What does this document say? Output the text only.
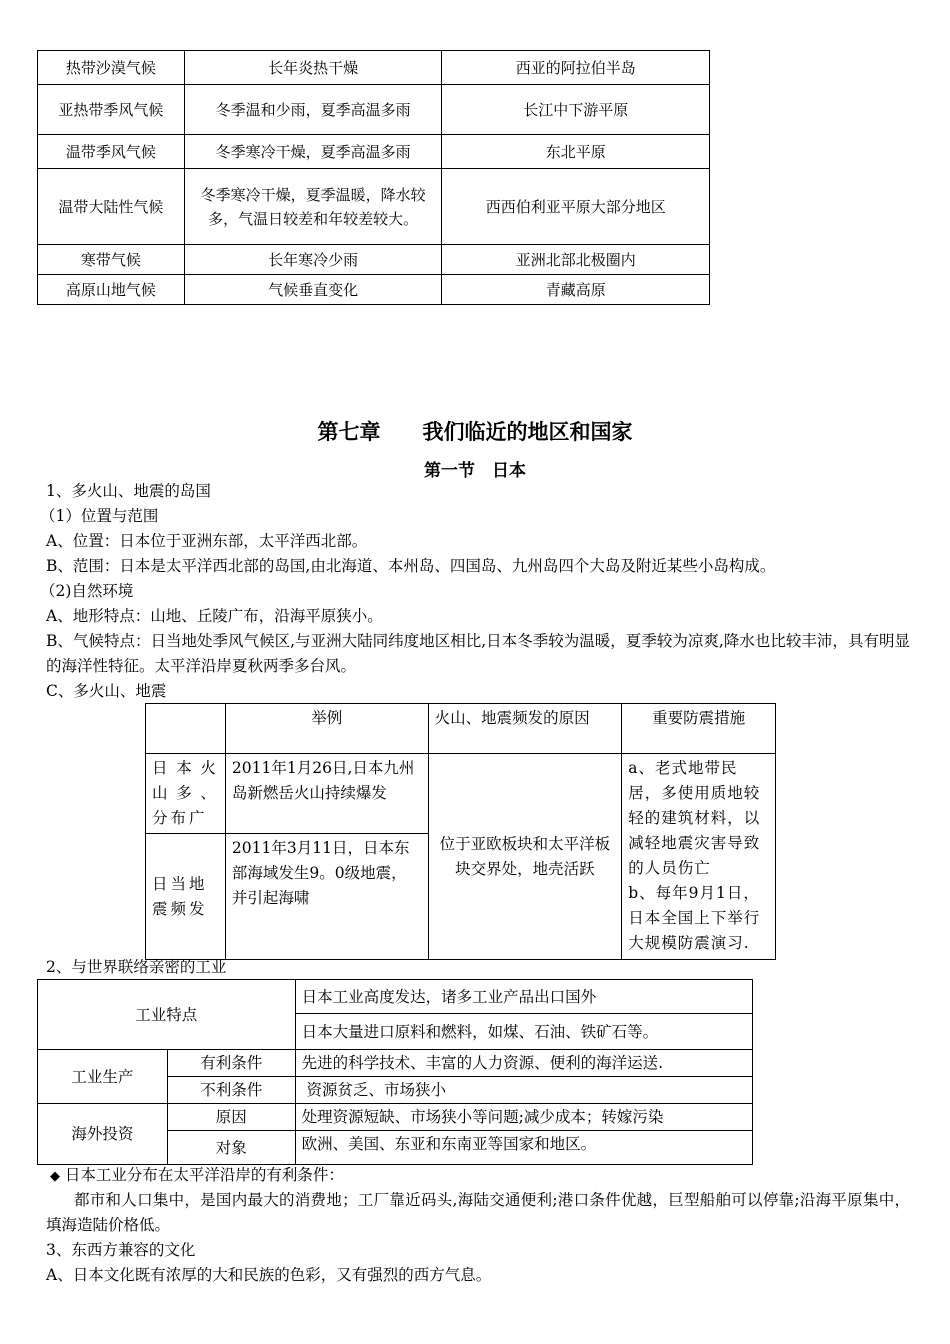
热带沙漠气候	长年炎热干燥	西亚的阿拉伯半岛
亚热带季风气候	冬季温和少雨，夏季高温多雨	长江中下游平原
温带季风气候	冬季寒冷干燥，夏季高温多雨	东北平原
温带大陆性气候	冬季寒冷干燥，夏季温暖，降水较多，气温日较差和年较差较大。	西西伯利亚平原大部分地区
寒带气候	长年寒冷少雨	亚洲北部北极圈内
高原山地气候	气候垂直变化	青藏高原
第七章　　我们临近的地区和国家
第一节　日本
1、多火山、地震的岛国
（1）位置与范围
A、位置：日本位于亚洲东部，太平洋西北部。
B、范围：日本是太平洋西北部的岛国,由北海道、本州岛、四国岛、九州岛四个大岛及附近某些小岛构成。
（2)自然环境
A、地形特点：山地、丘陵广布，沿海平原狭小。
B、气候特点：日当地处季风气候区,与亚洲大陆同纬度地区相比,日本冬季较为温暖，夏季较为凉爽,降水也比较丰沛，具有明显的海洋性特征。太平洋沿岸夏秋两季多台风。
C、多火山、地震
	举例	火山、地震频发的原因	重要防震措施
日本火山多、分布广	2011年1月26日,日本九州岛新燃岳火山持续爆发	位于亚欧板块和太平洋板块交界处，地壳活跃	a、老式地带民居，多使用质地较轻的建筑材料，以减轻地震灾害导致的人员伤亡
b、每年9月1日，日本全国上下举行大规模防震演习.

日当地震频发	2011年3月11日，日本东部海域发生9。0级地震，并引起海啸		
2、与世界联络亲密的工业
工业特点		日本工业高度发达，诸多工业产品出口国外
		日本大量进口原料和燃料，如煤、石油、铁矿石等。
工业生产	有利条件	先进的科学技术、丰富的人力资源、便利的海洋运送.
	不利条件	资源贫乏、市场狭小
海外投资	原因	处理资源短缺、市场狭小等问题;减少成本；转嫁污染
	对象	欧洲、美国、东亚和东南亚等国家和地区。
◆ 日本工业分布在太平洋沿岸的有利条件：
都市和人口集中，是国内最大的消费地；工厂靠近码头,海陆交通便利;港口条件优越，巨型船舶可以停靠;沿海平原集中，填海造陆价格低。
3、东西方兼容的文化
A、日本文化既有浓厚的大和民族的色彩，又有强烈的西方气息。
